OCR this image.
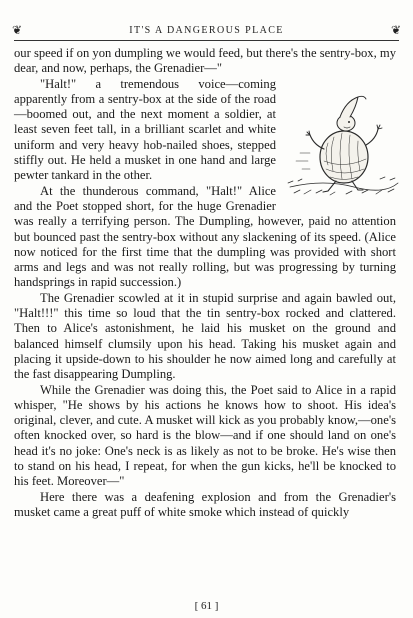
❦	IT'S A DANGEROUS PLACE	❦

our speed if on yon dumpling we would feed, but there's the sentry-box, my dear, and now, perhaps, the Grenadier—"

"Halt!" a tremendous voice—coming apparently from a sentry-box at the side of the road—boomed out, and the next moment a soldier, at least seven feet tall, in a brilliant scarlet and white uniform and very heavy hob-nailed shoes, stepped stiffly out. He held a musket in one hand and large pewter tankard in the other.

At the thunderous command, "Halt!" Alice and the Poet stopped short, for the huge Grenadier was really a terrifying person. The Dumpling, however, paid no attention but bounced past the sentry-box without any slackening of its speed. (Alice now noticed for the first time that the dumpling was provided with short arms and legs and was not really rolling, but was progressing by turning handsprings in rapid succession.)

The Grenadier scowled at it in stupid surprise and again bawled out, "Halt!!!" this time so loud that the tin sentry-box rocked and clattered. Then to Alice's astonishment, he laid his musket on the ground and balanced himself clumsily upon his head. Taking his musket again and placing it upside-down to his shoulder he now aimed long and carefully at the fast disappearing Dumpling.

While the Grenadier was doing this, the Poet said to Alice in a rapid whisper, "He shows by his actions he knows how to shoot. His idea's original, clever, and cute. A musket will kick as you probably know,—one's often knocked over, so hard is the blow—and if one should land on one's head it's no joke: One's neck is as likely as not to be broke. He's wise then to stand on his head, I repeat, for when the gun kicks, he'll be knocked to his feet. Moreover—"

Here there was a deafening explosion and from the Grenadier's musket came a great puff of white smoke which instead of quickly

[ 61 ]
